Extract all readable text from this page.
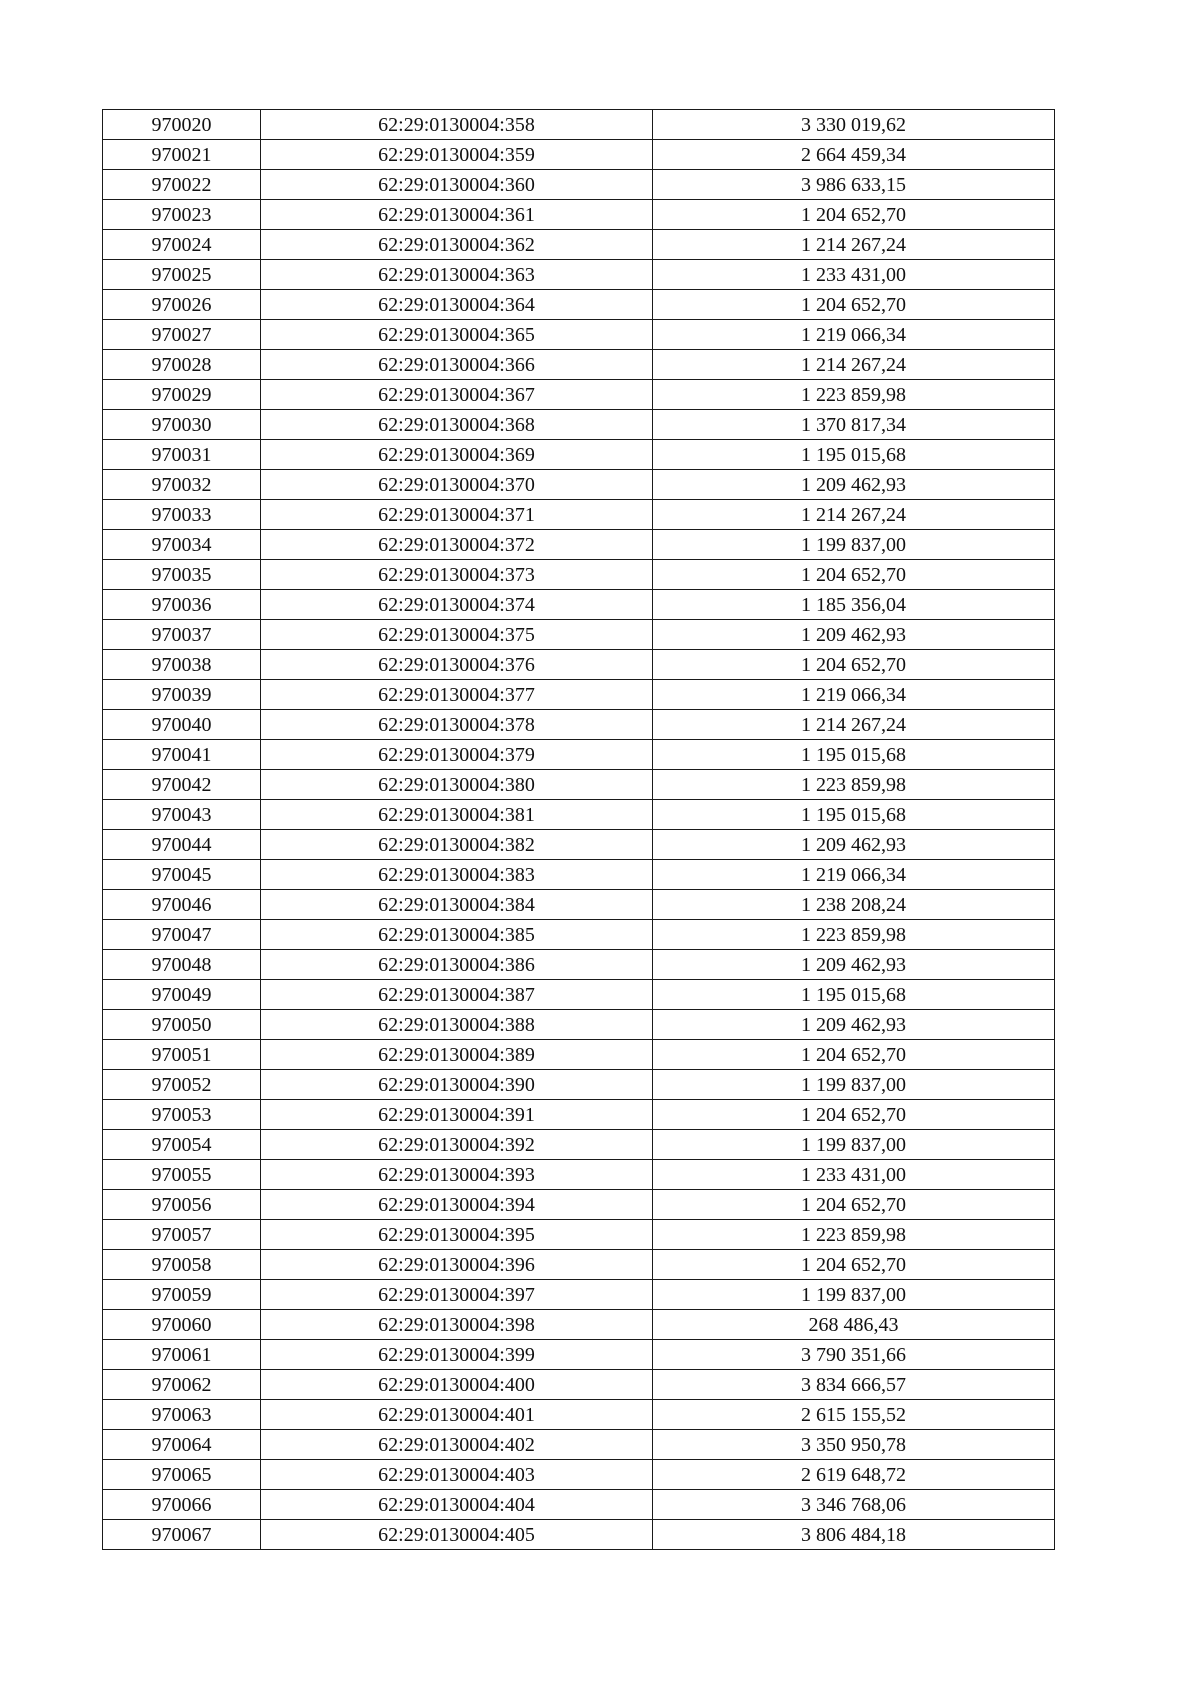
970020	62:29:0130004:358	3 330 019,62
970021	62:29:0130004:359	2 664 459,34
970022	62:29:0130004:360	3 986 633,15
970023	62:29:0130004:361	1 204 652,70
970024	62:29:0130004:362	1 214 267,24
970025	62:29:0130004:363	1 233 431,00
970026	62:29:0130004:364	1 204 652,70
970027	62:29:0130004:365	1 219 066,34
970028	62:29:0130004:366	1 214 267,24
970029	62:29:0130004:367	1 223 859,98
970030	62:29:0130004:368	1 370 817,34
970031	62:29:0130004:369	1 195 015,68
970032	62:29:0130004:370	1 209 462,93
970033	62:29:0130004:371	1 214 267,24
970034	62:29:0130004:372	1 199 837,00
970035	62:29:0130004:373	1 204 652,70
970036	62:29:0130004:374	1 185 356,04
970037	62:29:0130004:375	1 209 462,93
970038	62:29:0130004:376	1 204 652,70
970039	62:29:0130004:377	1 219 066,34
970040	62:29:0130004:378	1 214 267,24
970041	62:29:0130004:379	1 195 015,68
970042	62:29:0130004:380	1 223 859,98
970043	62:29:0130004:381	1 195 015,68
970044	62:29:0130004:382	1 209 462,93
970045	62:29:0130004:383	1 219 066,34
970046	62:29:0130004:384	1 238 208,24
970047	62:29:0130004:385	1 223 859,98
970048	62:29:0130004:386	1 209 462,93
970049	62:29:0130004:387	1 195 015,68
970050	62:29:0130004:388	1 209 462,93
970051	62:29:0130004:389	1 204 652,70
970052	62:29:0130004:390	1 199 837,00
970053	62:29:0130004:391	1 204 652,70
970054	62:29:0130004:392	1 199 837,00
970055	62:29:0130004:393	1 233 431,00
970056	62:29:0130004:394	1 204 652,70
970057	62:29:0130004:395	1 223 859,98
970058	62:29:0130004:396	1 204 652,70
970059	62:29:0130004:397	1 199 837,00
970060	62:29:0130004:398	268 486,43
970061	62:29:0130004:399	3 790 351,66
970062	62:29:0130004:400	3 834 666,57
970063	62:29:0130004:401	2 615 155,52
970064	62:29:0130004:402	3 350 950,78
970065	62:29:0130004:403	2 619 648,72
970066	62:29:0130004:404	3 346 768,06
970067	62:29:0130004:405	3 806 484,18
